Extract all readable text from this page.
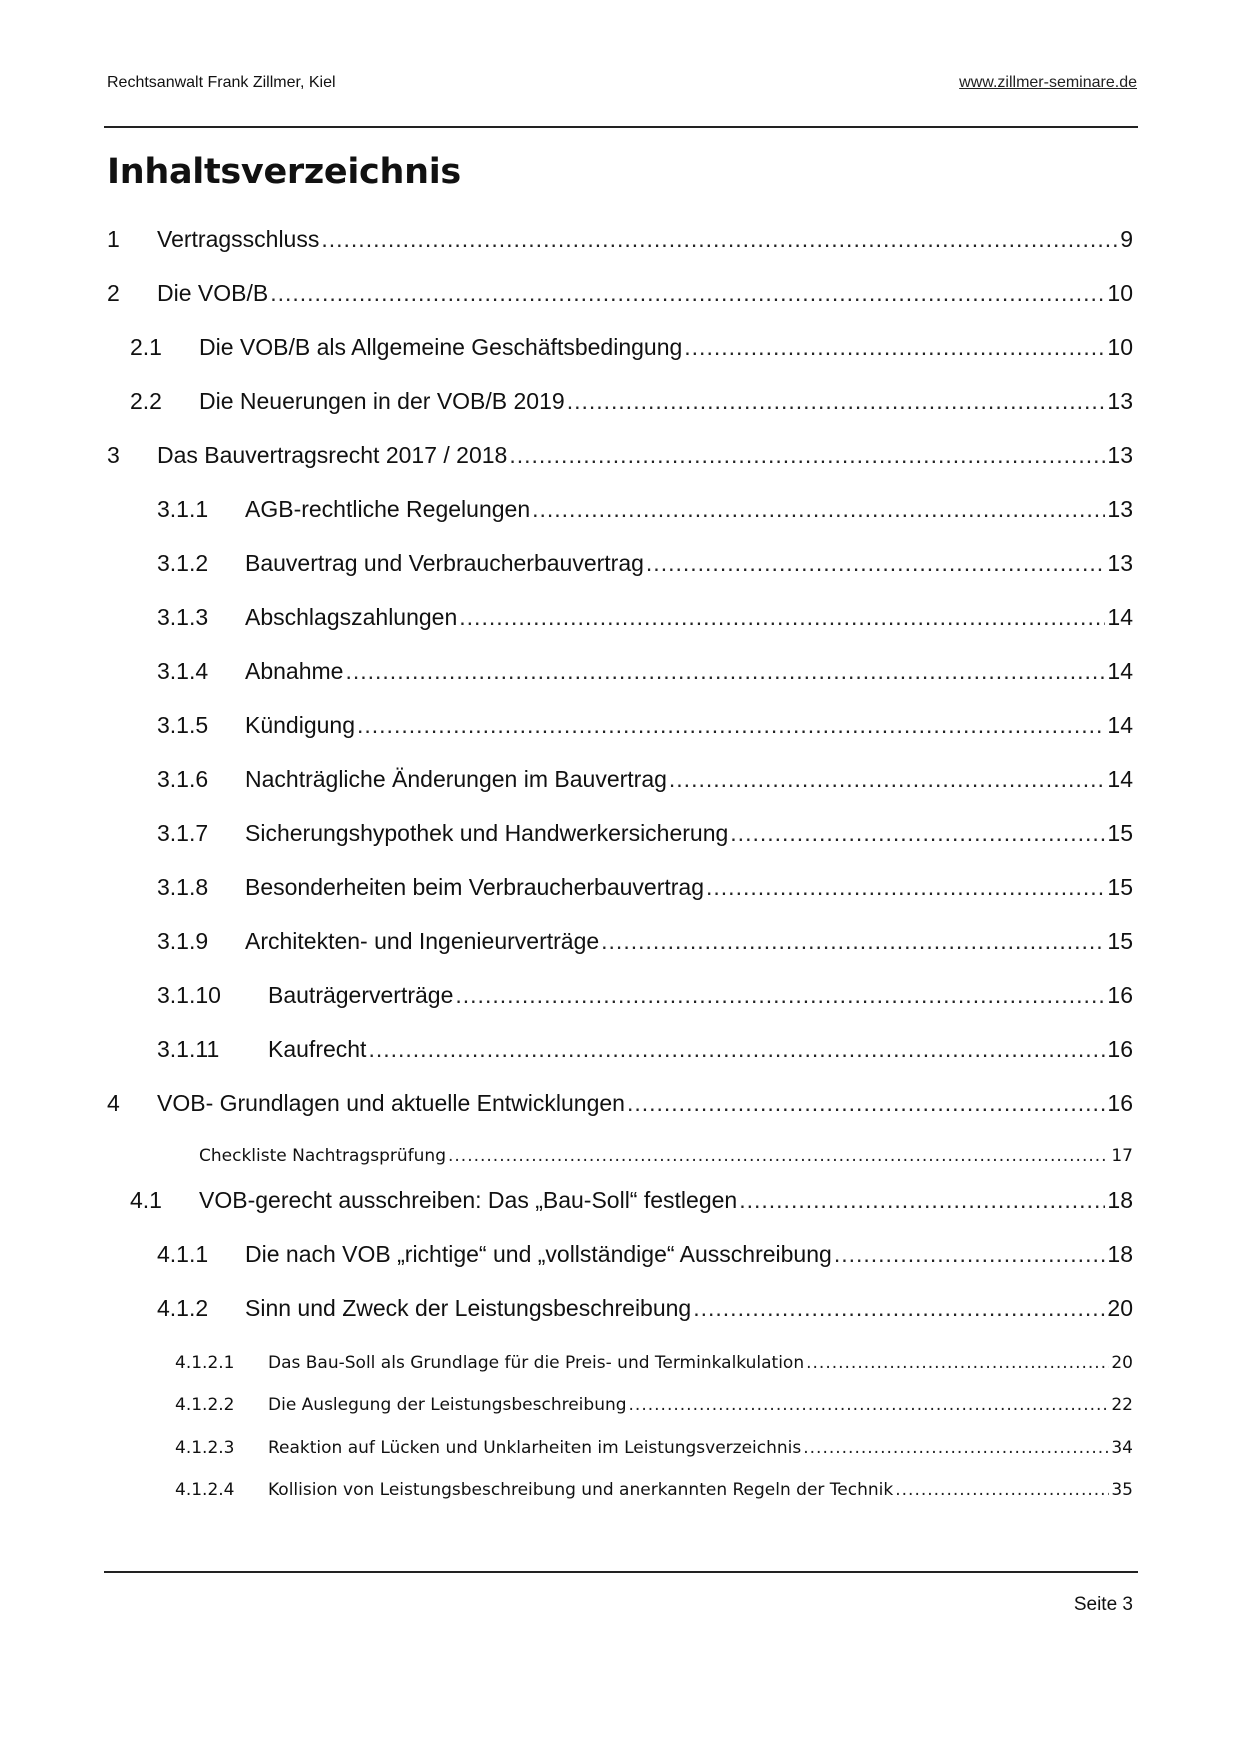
Rechtsanwalt Frank Zillmer, Kiel	www.zillmer-seminare.de
Inhaltsverzeichnis
1 Vertragsschluss .....	9
2 Die VOB/B .....	10
2.1 Die VOB/B als Allgemeine Geschäftsbedingung .....	10
2.2 Die Neuerungen in der VOB/B 2019 .....	13
3 Das Bauvertragsrecht 2017 / 2018 .....	13
3.1.1 AGB-rechtliche Regelungen .....	13
3.1.2 Bauvertrag und Verbraucherbauvertrag .....	13
3.1.3 Abschlagszahlungen .....	14
3.1.4 Abnahme .....	14
3.1.5 Kündigung .....	14
3.1.6 Nachträgliche Änderungen im Bauvertrag .....	14
3.1.7 Sicherungshypothek und Handwerkersicherung .....	15
3.1.8 Besonderheiten beim Verbraucherbauvertrag .....	15
3.1.9 Architekten- und Ingenieurverträge .....	15
3.1.10 Bauträgerverträge .....	16
3.1.11 Kaufrecht .....	16
4 VOB- Grundlagen und aktuelle Entwicklungen .....	16
Checkliste Nachtragsprüfung .....	17
4.1 VOB-gerecht ausschreiben: Das „Bau-Soll“ festlegen .....	18
4.1.1 Die nach VOB „richtige“ und „vollständige“ Ausschreibung .....	18
4.1.2 Sinn und Zweck der Leistungsbeschreibung .....	20
4.1.2.1 Das Bau-Soll als Grundlage für die Preis- und Terminkalkulation .....	20
4.1.2.2 Die Auslegung der Leistungsbeschreibung .....	22
4.1.2.3 Reaktion auf Lücken und Unklarheiten im Leistungsverzeichnis .....	34
4.1.2.4 Kollision von Leistungsbeschreibung und anerkannten Regeln der Technik .....	35
Seite 3
